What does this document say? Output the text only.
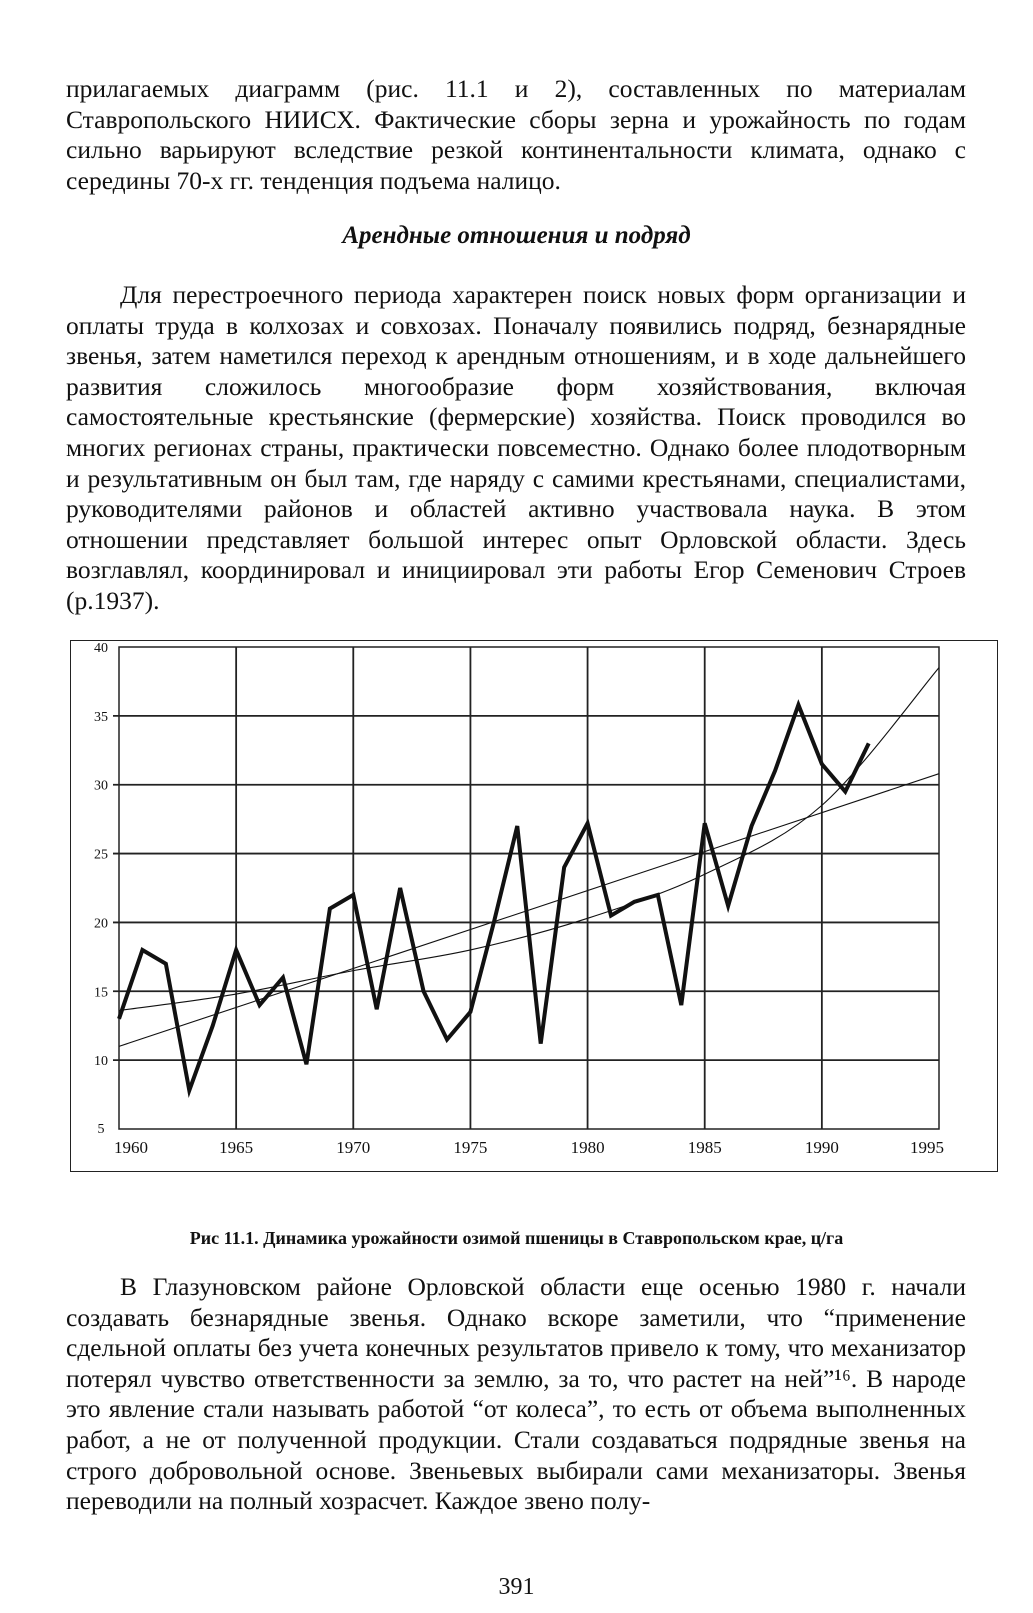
прилагаемых диаграмм (рис. 11.1 и 2), составленных по материалам Ставропольского НИИСХ. Фактические сборы зерна и урожайность по годам сильно варьируют вследствие резкой континентальности климата, однако с середины 70-х гг. тенденция подъема налицо.

Арендные отношения и подряд

Для перестроечного периода характерен поиск новых форм организации и оплаты труда в колхозах и совхозах. Поначалу появились подряд, безнарядные звенья, затем наметился переход к арендным отношениям, и в ходе дальнейшего развития сложилось многообразие форм хозяйствования, включая самостоятельные крестьянские (фермерские) хозяйства. Поиск проводился во многих регионах страны, практически повсеместно. Однако более плодотворным и результативным он был там, где наряду с самими крестьянами, специалистами, руководителями районов и областей активно участвовала наука. В этом отношении представляет большой интерес опыт Орловской области. Здесь возглавлял, координировал и инициировал эти работы Егор Семенович Строев (р.1937).

5
10
15
20
25
30
35
40
1960	1965	1970	1975	1980	1985	1990	1995
Рис 11.1. Динамика урожайности озимой пшеницы в Ставропольском крае, ц/га

В Глазуновском районе Орловской области еще осенью 1980 г. начали создавать безнарядные звенья. Однако вскоре заметили, что “применение сдельной оплаты без учета конечных результатов привело к тому, что механизатор потерял чувство ответственности за землю, за то, что растет на ней”¹⁶. В народе это явление стали называть работой “от колеса”, то есть от объема выполненных работ, а не от полученной продукции. Стали создаваться подрядные звенья на строго добровольной основе. Звеньевых выбирали сами механизаторы. Звенья переводили на полный хозрасчет. Каждое звено полу-

391
